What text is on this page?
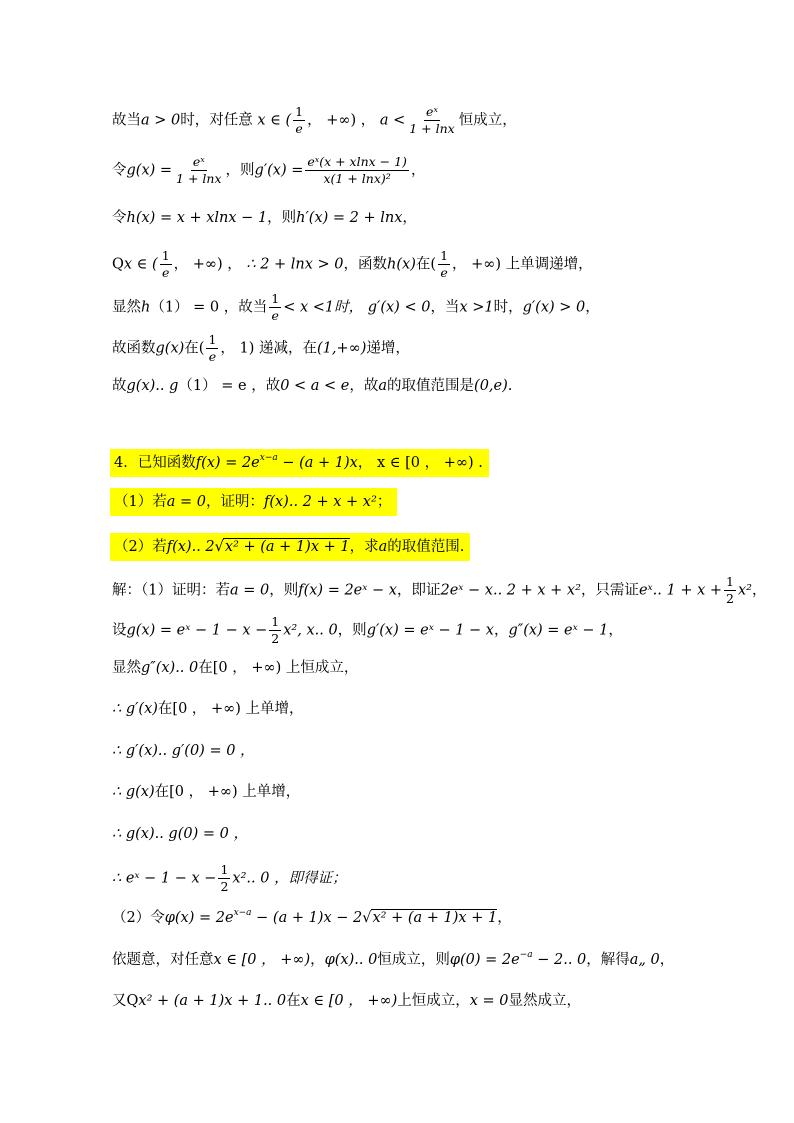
故当a > 0时，对任意 x ∈ ( $\frac{1}{e}$ ， +∞) ， $a < \frac{\text{eˣ}}{1 + \ln x}$ 恒成立，
令$g(x) = \frac{\text{eˣ}}{1 + \ln x}$ ，则$g'(x) = \frac{\text{eˣ(x + xlnx − 1)}}{\text{x(1 + lnx)²}}$ ，
令h(x) = x + xlnx − 1，则h′(x) = 2 + lnx，
Qx ∈ ( $\frac{1}{e}$ ， +∞) ， ∴ 2 + lnx > 0，函数h(x)在( $\frac{1}{e}$ ， +∞) 上单调递增，
显然h（1） = 0 ，故当 $\frac{1}{e} < x <1$时， g′(x) < 0，当x >1时，g′(x) > 0，
故函数g(x)在( $\frac{1}{e}$ ， 1) 递减，在(1,+∞)递增，
故g(x).. g（1） = e ，故0 < a < e，故a的取值范围是(0,e).
4．已知函数$f(x) = 2e^{x-a} - (a + 1)x$， x ∈ [0 ， +∞) .
（1）若a = 0，证明：f(x).. 2 + x + x²；
（2）若f(x).. 2√x² + (a + 1)x + 1，求a的取值范围.
解：（1）证明：若a = 0，则f(x) = 2eˣ − x，即证2eˣ − x.. 2 + x + x²，只需证eˣ.. $1 + x + \frac{1}{2} x^2$，
设g(x) = eˣ − $1 - x - \frac{1}{2} x^2$, x.. 0，则g′(x) = eˣ − 1 − x，g″(x) = eˣ − 1，
显然g″(x).. 0在[0 ， +∞) 上恒成立，
∴ g′(x)在[0 ， +∞) 上单增，
∴ g′(x).. g′(0) = 0 ，
∴ g(x)在[0 ， +∞) 上单增，
∴ g(x).. g(0) = 0 ，
∴ eˣ − $1 - x - \frac{1}{2} x^2$.. 0 ，即得证；
（2）令$\varphi(x) = 2e^{x-a} - (a + 1)x - 2√x^2 + (a + 1)x + 1$，
依题意，对任意x ∈ [0 ， +∞)，φ(x).. 0恒成立，则$\varphi(0) = 2e^{-a} - 2$.. 0，解得a„ 0，
又Qx² + (a + 1)x + 1.. 0在x ∈ [0 ， +∞)上恒成立，x = 0显然成立，
